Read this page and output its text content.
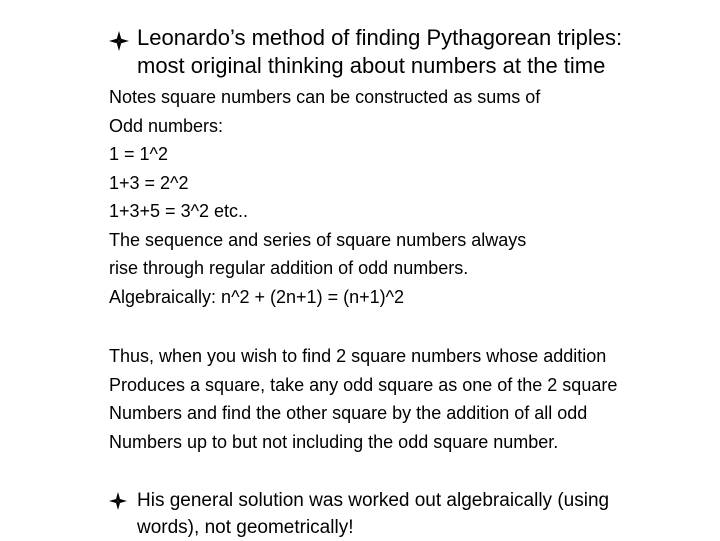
Leonardo’s method of finding Pythagorean triples:
most original thinking about numbers at the time
Notes square numbers can be constructed as sums of
Odd numbers:
1 = 1^2
1+3 = 2^2
1+3+5 = 3^2 etc..
The sequence and series of square numbers always
rise through regular addition of odd numbers.
Algebraically: n^2 + (2n+1) = (n+1)^2
Thus, when you wish to find 2 square numbers whose addition
Produces a square, take any odd square as one of the 2 square
Numbers and find the other square by the addition of all odd
Numbers up to but not including the odd square number.
His general solution was worked out algebraically (using
words), not geometrically!
